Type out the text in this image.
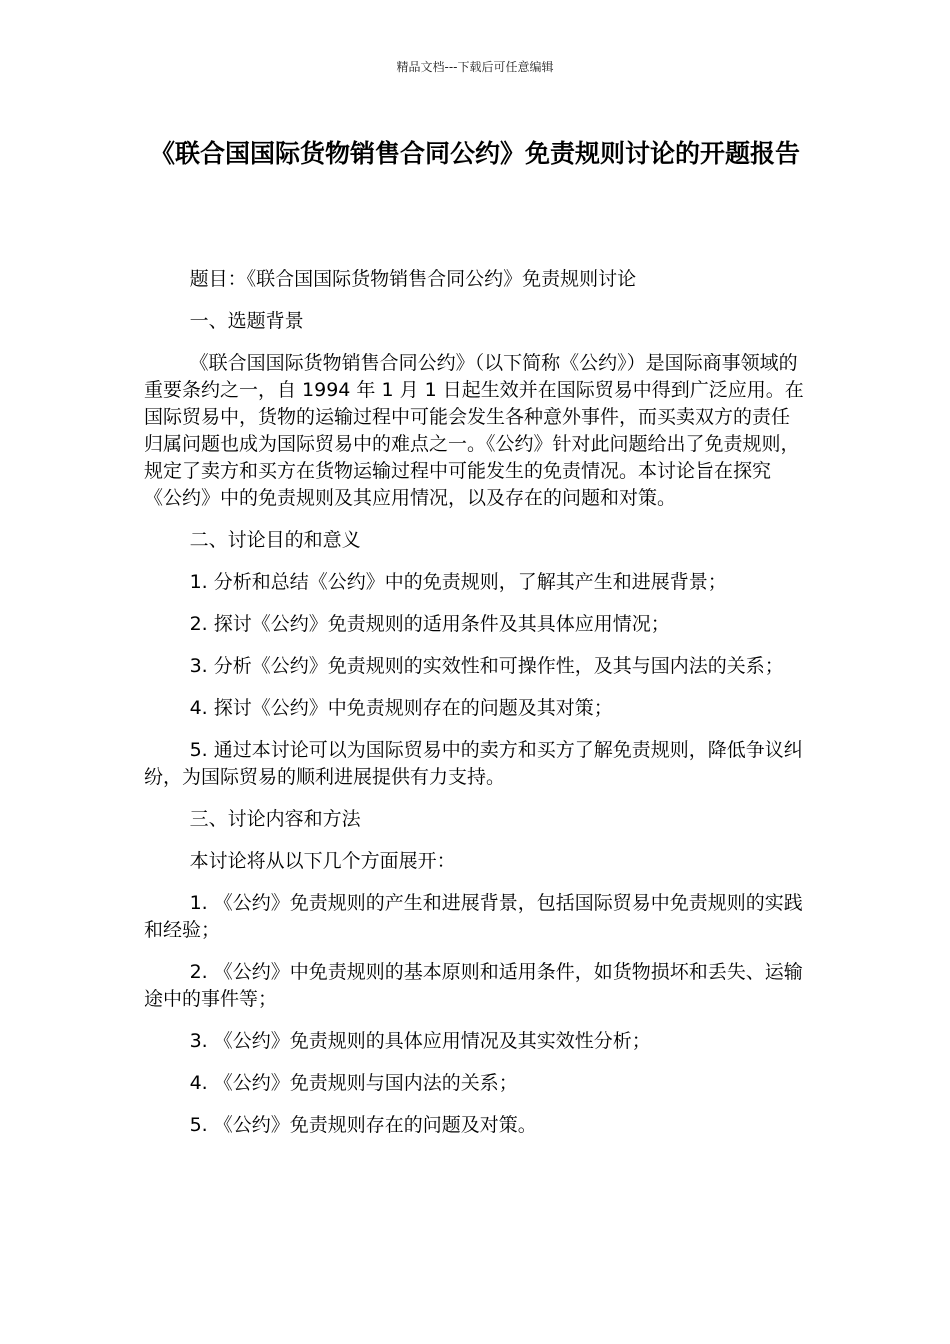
精品文档---下载后可任意编辑
《联合国国际货物销售合同公约》免责规则讨论的开题报告

题目：《联合国国际货物销售合同公约》免责规则讨论

一、选题背景

《联合国国际货物销售合同公约》（以下简称《公约》）是国际商事领域的重要条约之一，自 1994 年 1 月 1 日起生效并在国际贸易中得到广泛应用。在国际贸易中，货物的运输过程中可能会发生各种意外事件，而买卖双方的责任归属问题也成为国际贸易中的难点之一。《公约》针对此问题给出了免责规则，规定了卖方和买方在货物运输过程中可能发生的免责情况。本讨论旨在探究《公约》中的免责规则及其应用情况，以及存在的问题和对策。

二、讨论目的和意义

1. 分析和总结《公约》中的免责规则，了解其产生和进展背景；

2. 探讨《公约》免责规则的适用条件及其具体应用情况；

3. 分析《公约》免责规则的实效性和可操作性，及其与国内法的关系；

4. 探讨《公约》中免责规则存在的问题及其对策；

5. 通过本讨论可以为国际贸易中的卖方和买方了解免责规则，降低争议纠纷，为国际贸易的顺利进展提供有力支持。

三、讨论内容和方法

本讨论将从以下几个方面展开：

1. 《公约》免责规则的产生和进展背景，包括国际贸易中免责规则的实践和经验；

2. 《公约》中免责规则的基本原则和适用条件，如货物损坏和丢失、运输途中的事件等；

3. 《公约》免责规则的具体应用情况及其实效性分析；

4. 《公约》免责规则与国内法的关系；

5. 《公约》免责规则存在的问题及对策。
